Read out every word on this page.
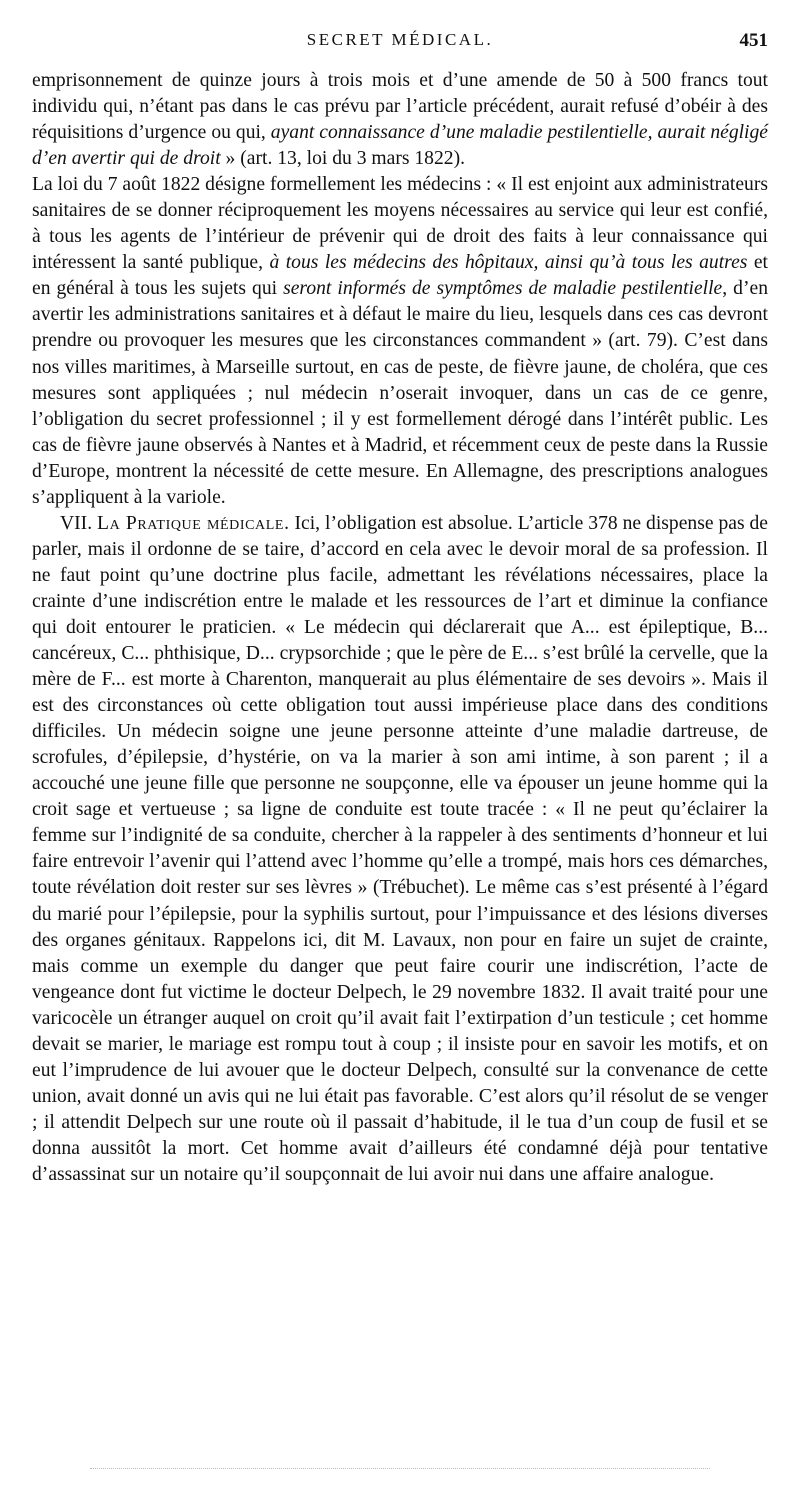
SECRET MÉDICAL.	451

emprisonnement de quinze jours à trois mois et d’une amende de 50 à 500 francs tout individu qui, n’étant pas dans le cas prévu par l’article précédent, aurait refusé d’obéir à des réquisitions d’urgence ou qui, ayant connaissance d’une maladie pestilentielle, aurait négligé d’en avertir qui de droit » (art. 13, loi du 3 mars 1822).

La loi du 7 août 1822 désigne formellement les médecins : « Il est enjoint aux administrateurs sanitaires de se donner réciproquement les moyens nécessaires au service qui leur est confié, à tous les agents de l’intérieur de prévenir qui de droit des faits à leur connaissance qui intéressent la santé publique, à tous les médecins des hôpitaux, ainsi qu’à tous les autres et en général à tous les sujets qui seront informés de symptômes de maladie pestilentielle, d’en avertir les administrations sanitaires et à défaut le maire du lieu, lesquels dans ces cas devront prendre ou provoquer les mesures que les circonstances commandent » (art. 79). C’est dans nos villes maritimes, à Marseille surtout, en cas de peste, de fièvre jaune, de choléra, que ces mesures sont appliquées ; nul médecin n’oserait invoquer, dans un cas de ce genre, l’obligation du secret professionnel ; il y est formellement dérogé dans l’intérêt public. Les cas de fièvre jaune observés à Nantes et à Madrid, et récemment ceux de peste dans la Russie d’Europe, montrent la nécessité de cette mesure. En Allemagne, des prescriptions analogues s’appliquent à la variole.

VII. La Pratique médicale. Ici, l’obligation est absolue. L’article 378 ne dispense pas de parler, mais il ordonne de se taire, d’accord en cela avec le devoir moral de sa profession. Il ne faut point qu’une doctrine plus facile, admettant les révélations nécessaires, place la crainte d’une indiscrétion entre le malade et les ressources de l’art et diminue la confiance qui doit entourer le praticien. « Le médecin qui déclarerait que A... est épileptique, B... cancéreux, C... phthisique, D... crypsorchide ; que le père de E... s’est brûlé la cervelle, que la mère de F... est morte à Charenton, manquerait au plus élémentaire de ses devoirs ». Mais il est des circonstances où cette obligation tout aussi impérieuse place dans des conditions difficiles. Un médecin soigne une jeune personne atteinte d’une maladie dartreuse, de scrofules, d’épilepsie, d’hystérie, on va la marier à son ami intime, à son parent ; il a accouché une jeune fille que personne ne soupçonne, elle va épouser un jeune homme qui la croit sage et vertueuse ; sa ligne de conduite est toute tracée : « Il ne peut qu’éclairer la femme sur l’indignité de sa conduite, chercher à la rappeler à des sentiments d’honneur et lui faire entrevoir l’avenir qui l’attend avec l’homme qu’elle a trompé, mais hors ces démarches, toute révélation doit rester sur ses lèvres » (Trébuchet). Le même cas s’est présenté à l’égard du marié pour l’épilepsie, pour la syphilis surtout, pour l’impuissance et des lésions diverses des organes génitaux. Rappelons ici, dit M. Lavaux, non pour en faire un sujet de crainte, mais comme un exemple du danger que peut faire courir une indiscrétion, l’acte de vengeance dont fut victime le docteur Delpech, le 29 novembre 1832. Il avait traité pour une varicocèle un étranger auquel on croit qu’il avait fait l’extirpation d’un testicule ; cet homme devait se marier, le mariage est rompu tout à coup ; il insiste pour en savoir les motifs, et on eut l’imprudence de lui avouer que le docteur Delpech, consulté sur la convenance de cette union, avait donné un avis qui ne lui était pas favorable. C’est alors qu’il résolut de se venger ; il attendit Delpech sur une route où il passait d’habitude, il le tua d’un coup de fusil et se donna aussitôt la mort. Cet homme avait d’ailleurs été condamné déjà pour tentative d’assassinat sur un notaire qu’il soupçonnait de lui avoir nui dans une affaire analogue.
